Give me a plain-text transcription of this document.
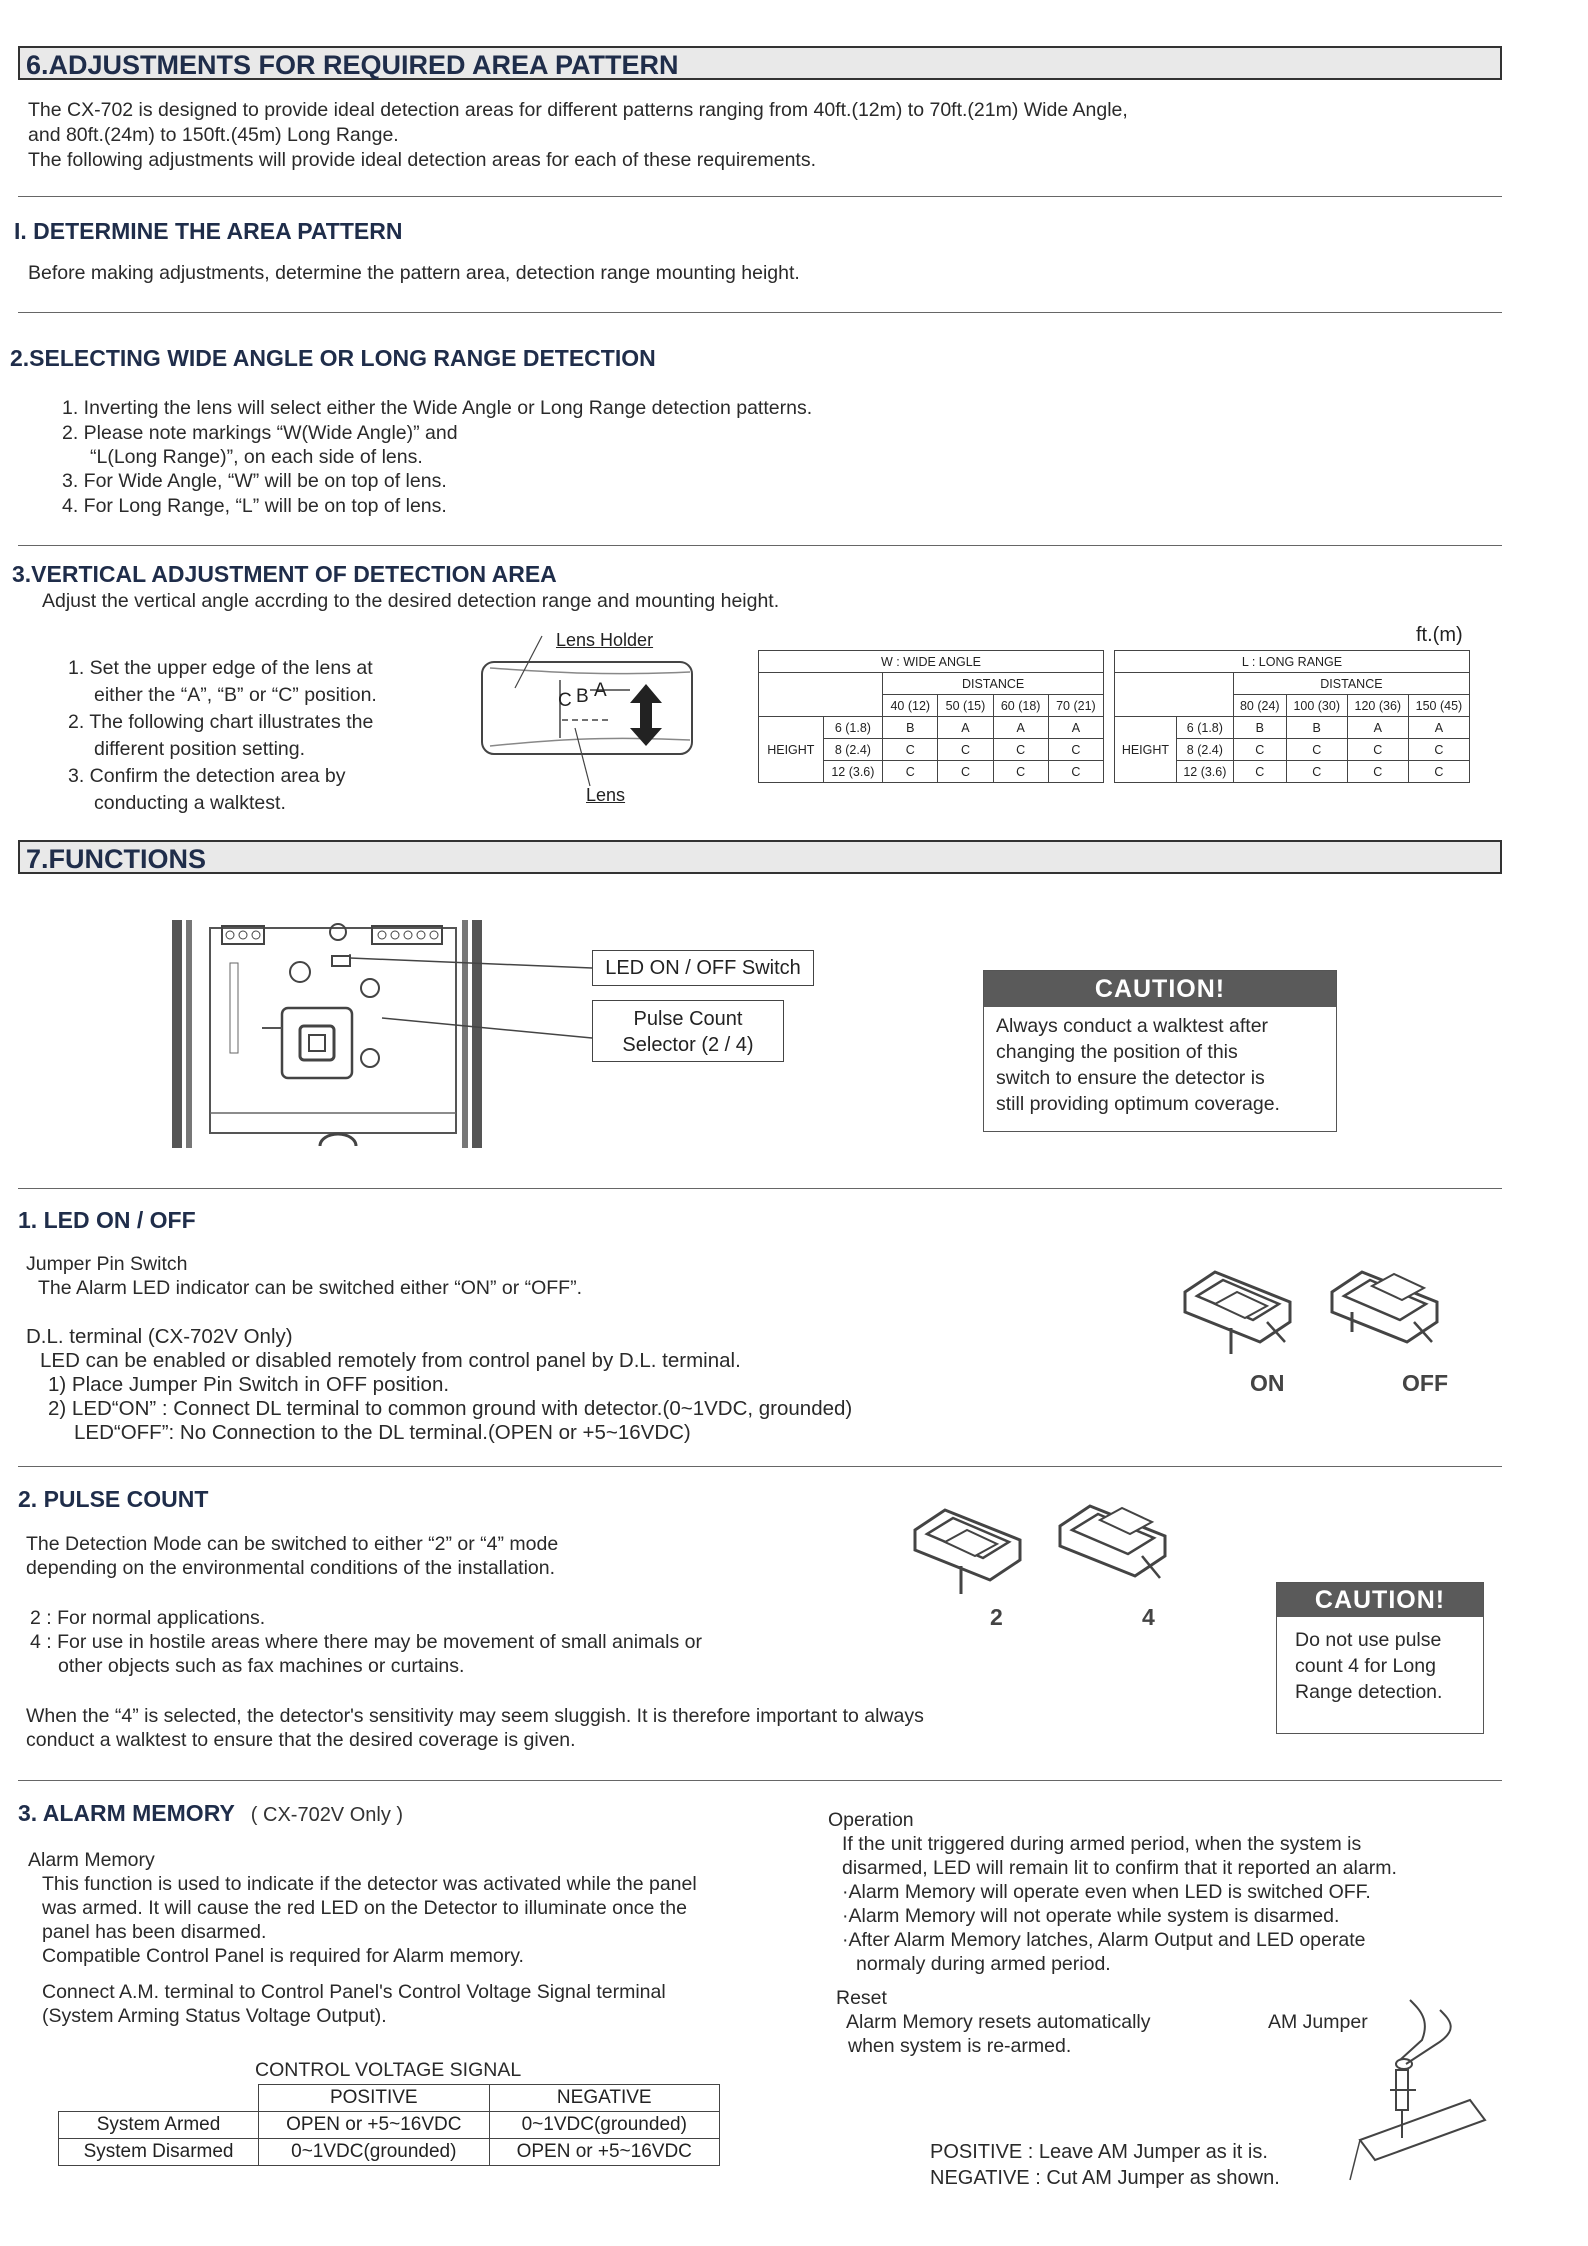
6.ADJUSTMENTS FOR REQUIRED AREA PATTERN
The CX-702 is designed to provide ideal detection areas for different patterns ranging from 40ft.(12m) to 70ft.(21m) Wide Angle,
and 80ft.(24m) to 150ft.(45m) Long Range.
The following adjustments will provide ideal detection areas for each of these requirements.
I. DETERMINE THE AREA PATTERN
Before making adjustments, determine the pattern area, detection range mounting height.
2.SELECTING WIDE ANGLE OR LONG RANGE DETECTION
1. Inverting the lens will select either the Wide Angle or Long Range detection patterns.
2. Please note markings “W(Wide Angle)” and
“L(Long Range)”, on each side of lens.
3. For Wide Angle, “W” will be on top of lens.
4. For Long Range, “L” will be on top of lens.
3.VERTICAL ADJUSTMENT OF DETECTION AREA
Adjust the vertical angle accrding to the desired detection range and mounting height.
1. Set the upper edge of the lens at
either the “A”, “B” or “C” position.
2. The following chart illustrates the
different position setting.
3. Confirm the detection area by
conducting a walktest.
C B A
Lens Holder
Lens
ft.(m)
W : WIDE ANGLE					
		DISTANCE			
		40 (12)	50 (15)	60 (18)	70 (21)
HEIGHT	6 (1.8)	B	A	A	A
	8 (2.4)	C	C	C	C
	12 (3.6)	C	C	C	C
L : LONG RANGE					
		DISTANCE			
		80 (24)	100 (30)	120 (36)	150 (45)
HEIGHT	6 (1.8)	B	B	A	A
	8 (2.4)	C	C	C	C
	12 (3.6)	C	C	C	C
7.FUNCTIONS
LED ON / OFF Switch
Pulse Count
Selector (2 / 4)
CAUTION!
Always conduct a walktest after
changing the position of this
switch to ensure the detector is
still providing optimum coverage.
1. LED ON / OFF
Jumper Pin Switch
The Alarm LED indicator can be switched either “ON” or “OFF”.
D.L. terminal (CX-702V Only)
LED can be enabled or disabled remotely from control panel by D.L. terminal.
1) Place Jumper Pin Switch in OFF position.
2) LED“ON” : Connect DL terminal to common ground with detector.(0~1VDC, grounded)
LED“OFF”: No Connection to the DL terminal.(OPEN or +5~16VDC)
ON	OFF
2. PULSE COUNT
The Detection Mode can be switched to either “2” or “4” mode
depending on the environmental conditions of the installation.
2 : For normal applications.
4 : For use in hostile areas where there may be movement of small animals or
other objects such as fax machines or curtains.
When the “4” is selected, the detector's sensitivity may seem sluggish. It is therefore important to always
conduct a walktest to ensure that the desired coverage is given.
2	4
CAUTION!
Do not use pulse
count 4 for Long
Range detection.
3. ALARM MEMORY ( CX-702V Only )
Alarm Memory
This function is used to indicate if the detector was activated while the panel
was armed. It will cause the red LED on the Detector to illuminate once the
panel has been disarmed.
Compatible Control Panel is required for Alarm memory.
Connect A.M. terminal to Control Panel's Control Voltage Signal terminal
(System Arming Status Voltage Output).
CONTROL VOLTAGE SIGNAL
	POSITIVE	NEGATIVE
System Armed	OPEN or +5~16VDC	0~1VDC(grounded)
System Disarmed	0~1VDC(grounded)	OPEN or +5~16VDC
Operation
If the unit triggered during armed period, when the system is
disarmed, LED will remain lit to confirm that it reported an alarm.
·Alarm Memory will operate even when LED is switched OFF.
·Alarm Memory will not operate while system is disarmed.
·After Alarm Memory latches, Alarm Output and LED operate
normaly during armed period.
Reset
Alarm Memory resets automatically
when system is re-armed.
AM Jumper
POSITIVE : Leave AM Jumper as it is.
NEGATIVE : Cut AM Jumper as shown.
